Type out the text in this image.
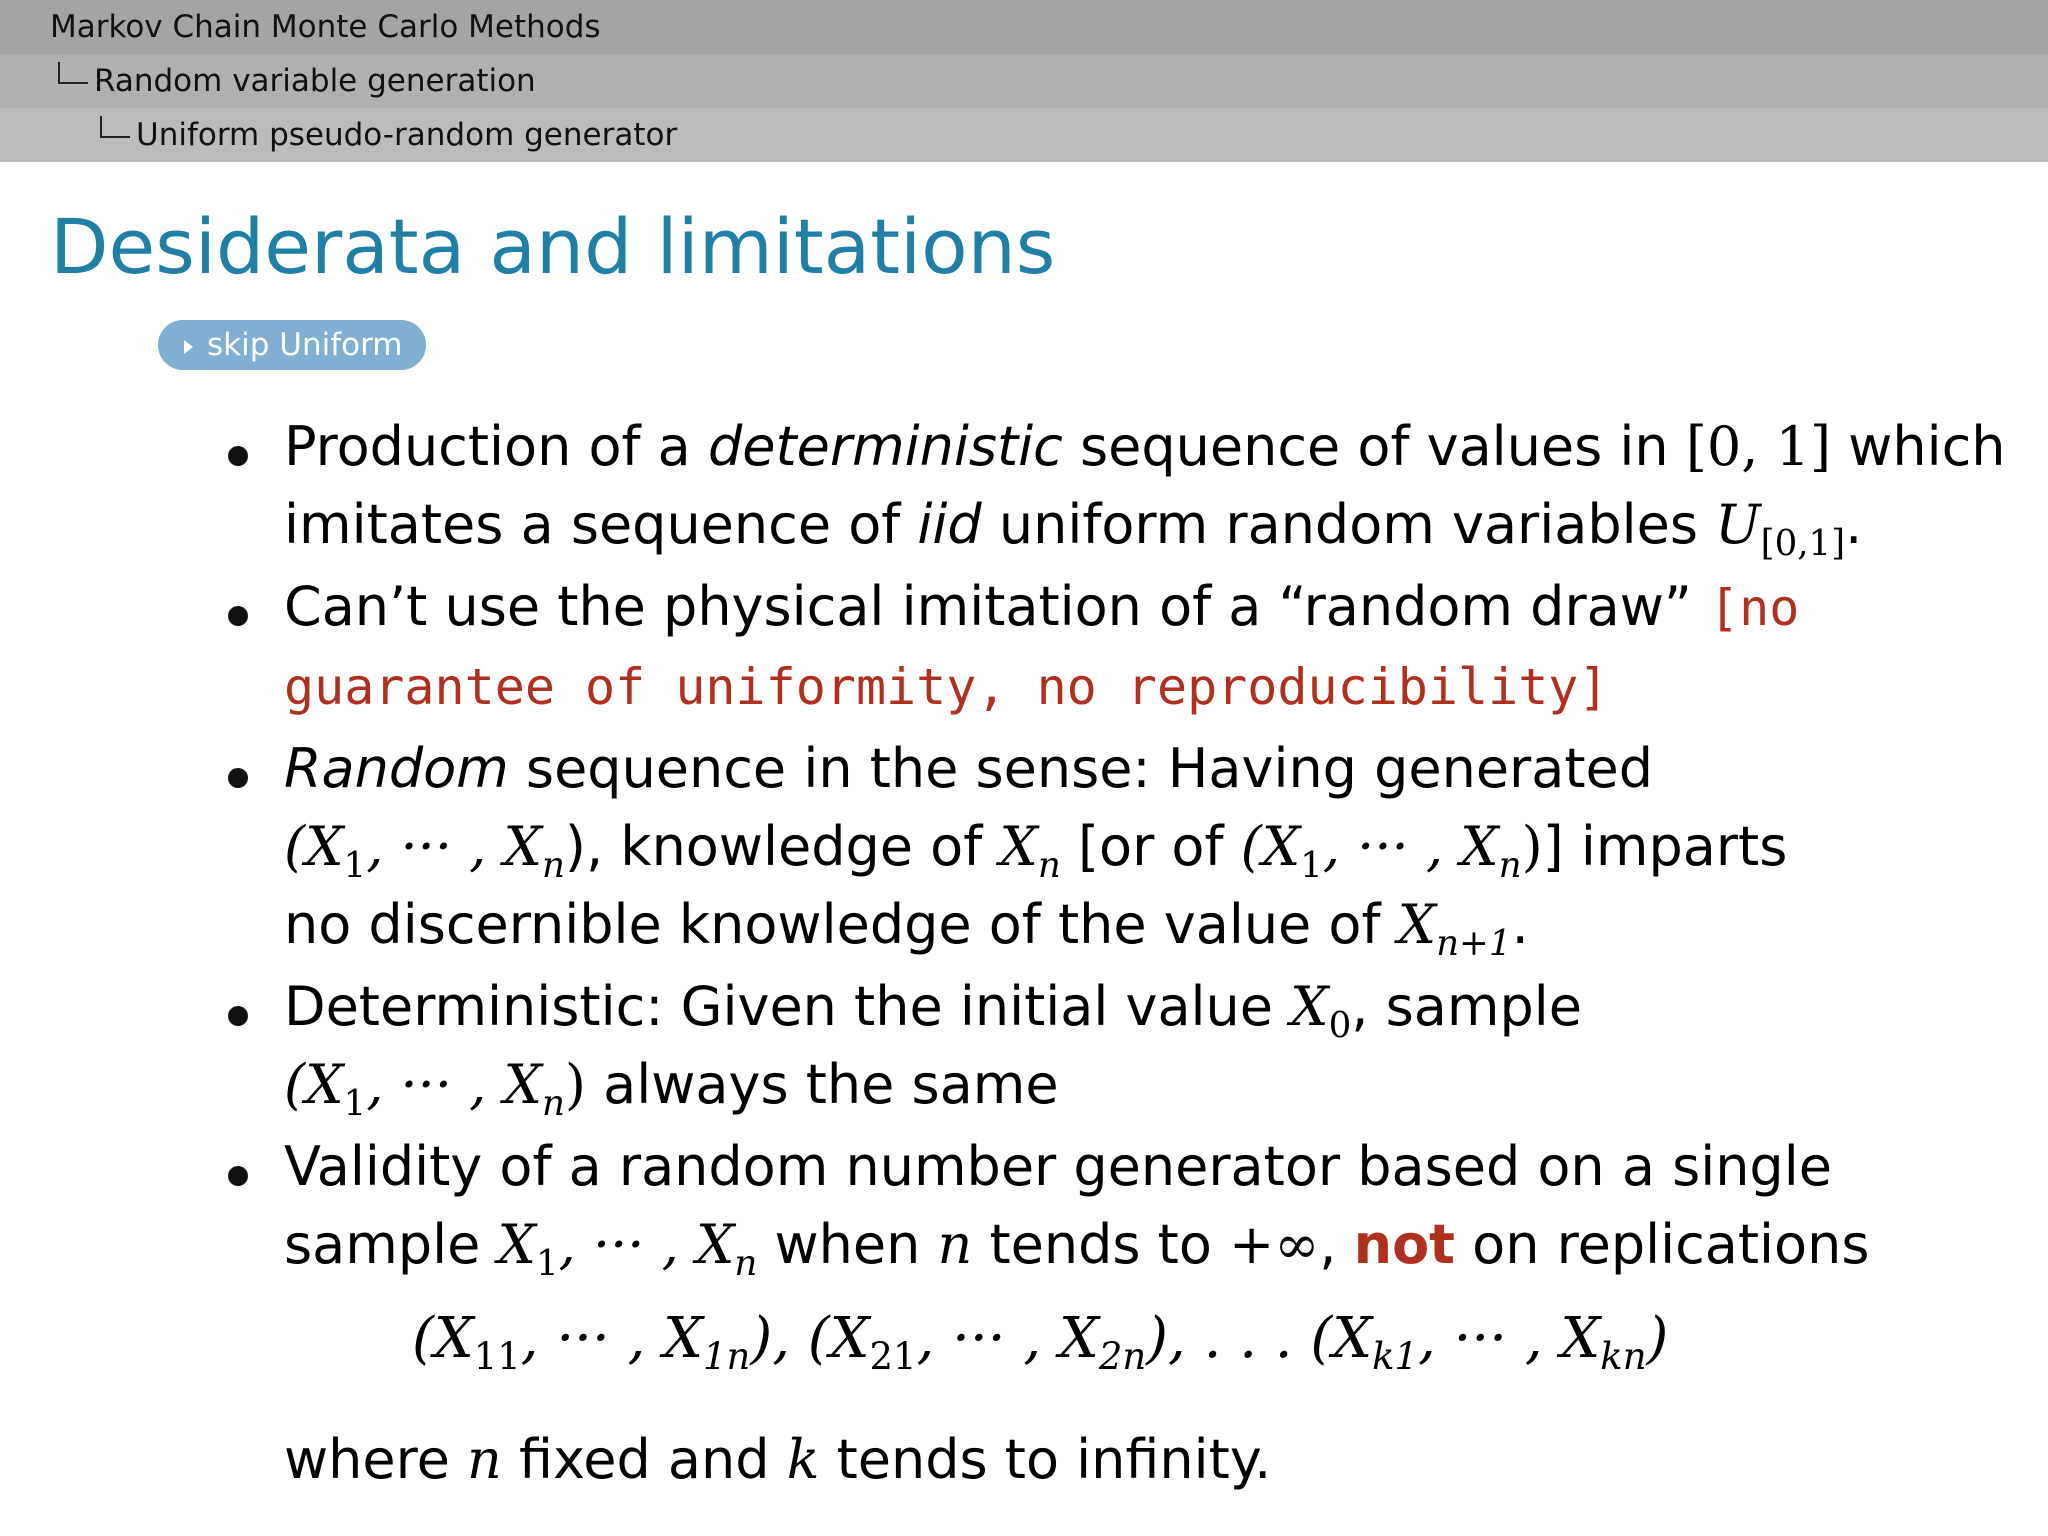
Markov Chain Monte Carlo Methods
Random variable generation
Uniform pseudo-random generator
Desiderata and limitations
skip Uniform
Production of a deterministic sequence of values in [0, 1] which
imitates a sequence of iid uniform random variables $U_{[0,1]}$.
Can’t use the physical imitation of a “random draw” [no
guarantee of uniformity, no reproducibility]
Random sequence in the sense: Having generated
($X_1$, ··· , $X_n$), knowledge of $X_n$ [or of ($X_1$, ··· , $X_n$)] imparts
no discernible knowledge of the value of $X_{n+1}$.
Deterministic: Given the initial value $X_0$, sample
($X_1$, ··· , $X_n$) always the same
Validity of a random number generator based on a single
sample $X_1$, ··· , $X_n$ when n tends to +∞, not on replications
($X_{11}$, ··· , $X_{1n}$), ($X_{21}$, ··· , $X_{2n}$), . . . ($X_{k1}$, ··· , $X_{kn}$)
where n fixed and k tends to infinity.
